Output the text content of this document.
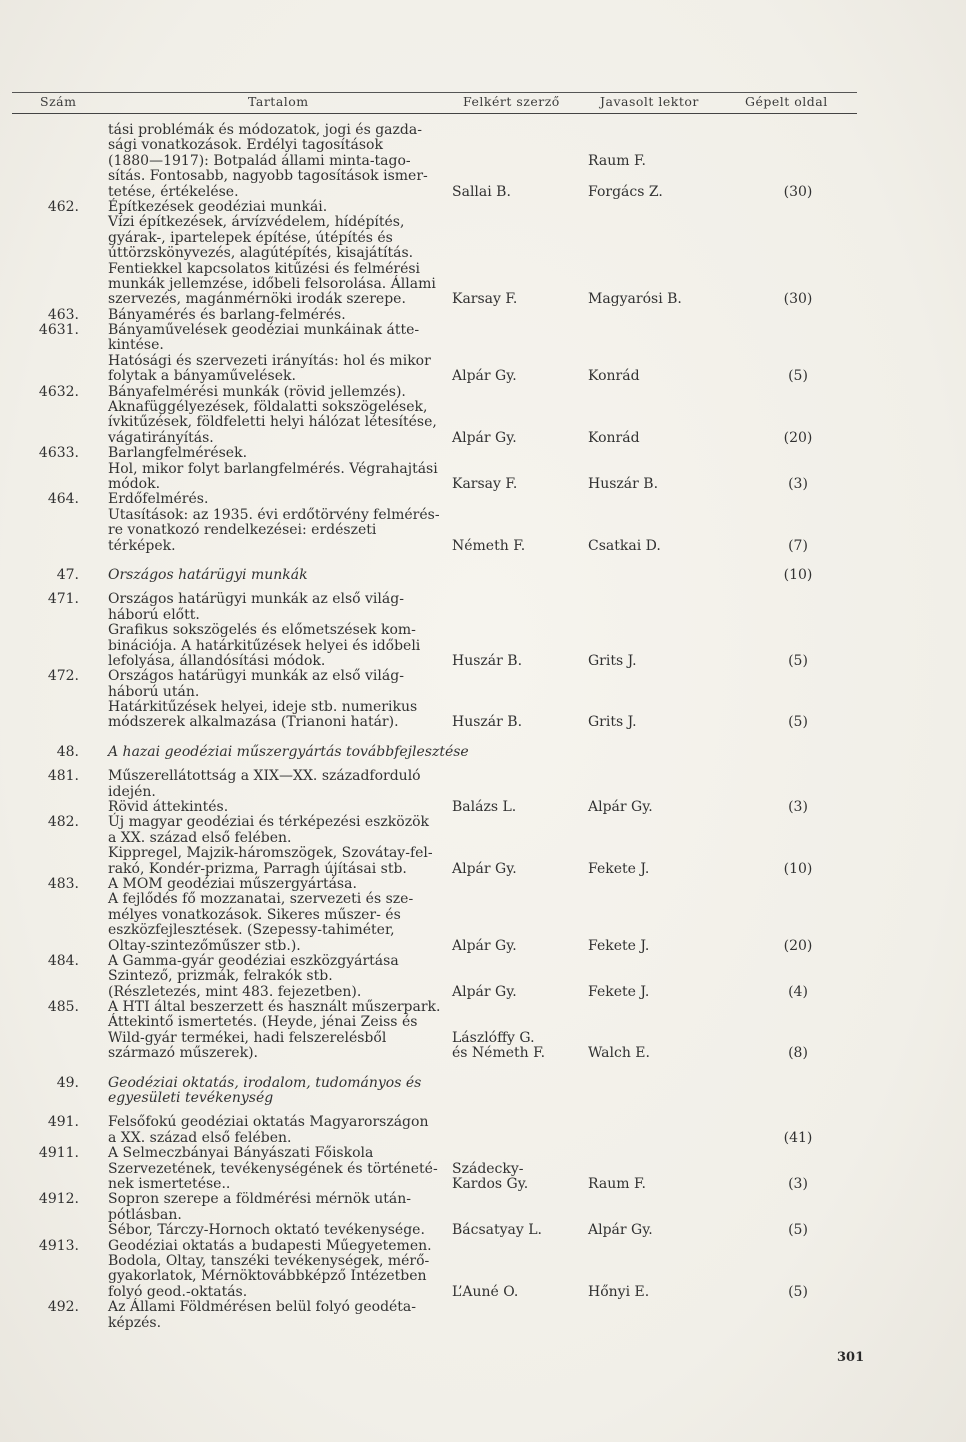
Szám	Tartalom	Felkért szerző	Javasolt lektor	Gépelt oldal
tási problémák és módozatok, jogi és gazda-
sági vonatkozások. Erdélyi tagosítások
(1880—1917): Botpalád állami minta-tago-	Raum F.
sítás. Fontosabb, nagyobb tagosítások ismer-
tetése, értékelése.	Sallai B.	Forgács Z.	(30)
462.	Építkezések geodéziai munkái.
Vízi építkezések, árvízvédelem, hídépítés,
gyárak-, ipartelepek építése, útépítés és
úttörzskönyvezés, alagútépítés, kisajátítás.
Fentiekkel kapcsolatos kitűzési és felmérési
munkák jellemzése, időbeli felsorolása. Állami
szervezés, magánmérnöki irodák szerepe.	Karsay F.	Magyarósi B.	(30)
463.	Bányamérés és barlang-felmérés.
4631.	Bányaművelések geodéziai munkáinak átte-
kintése.
Hatósági és szervezeti irányítás: hol és mikor
folytak a bányaművelések.	Alpár Gy.	Konrád	(5)
4632.	Bányafelmérési munkák (rövid jellemzés).
Aknafüggélyezések, földalatti sokszögelések,
ívkitűzések, földfeletti helyi hálózat létesítése,
vágatirányítás.	Alpár Gy.	Konrád	(20)
4633.	Barlangfelmérések.
Hol, mikor folyt barlangfelmérés. Végrahajtási
módok.	Karsay F.	Huszár B.	(3)
464.	Erdőfelmérés.
Utasítások: az 1935. évi erdőtörvény felmérés-
re vonatkozó rendelkezései: erdészeti
térképek.	Németh F.	Csatkai D.	(7)
47.	Országos határügyi munkák	(10)
471.	Országos határügyi munkák az első világ-
háború előtt.
Grafikus sokszögelés és előmetszések kom-
binációja. A határkitűzések helyei és időbeli
lefolyása, állandósítási módok.	Huszár B.	Grits J.	(5)
472.	Országos határügyi munkák az első világ-
háború után.
Határkitűzések helyei, ideje stb. numerikus
módszerek alkalmazása (Trianoni határ).	Huszár B.	Grits J.	(5)
48.	A hazai geodéziai műszergyártás továbbfejlesztése
481.	Műszerellátottság a XIX—XX. századforduló
idején.
Rövid áttekintés.	Balázs L.	Alpár Gy.	(3)
482.	Új magyar geodéziai és térképezési eszközök
a XX. század első felében.
Kippregel, Majzik-háromszögek, Szovátay-fel-
rakó, Kondér-prizma, Parragh újításai stb.	Alpár Gy.	Fekete J.	(10)
483.	A MOM geodéziai műszergyártása.
A fejlődés fő mozzanatai, szervezeti és sze-
mélyes vonatkozások. Sikeres műszer- és
eszközfejlesztések. (Szepessy-tahiméter,
Oltay-szintezőműszer stb.).	Alpár Gy.	Fekete J.	(20)
484.	A Gamma-gyár geodéziai eszközgyártása
Szintező, prizmák, felrakók stb.
(Részletezés, mint 483. fejezetben).	Alpár Gy.	Fekete J.	(4)
485.	A HTI által beszerzett és használt műszerpark.
Áttekintő ismertetés. (Heyde, jénai Zeiss és
Wild-gyár termékei, hadi felszerelésből	Lászlóffy G.
származó műszerek).	és Németh F.	Walch E.	(8)
49.	Geodéziai oktatás, irodalom, tudományos és
egyesületi tevékenység
491.	Felsőfokú geodéziai oktatás Magyarországon
a XX. század első felében.	(41)
4911.	A Selmeczbányai Bányászati Főiskola
Szervezetének, tevékenységének és történeté-	Szádecky-
nek ismertetése..	Kardos Gy.	Raum F.	(3)
4912.	Sopron szerepe a földmérési mérnök után-
pótlásban.
Sébor, Tárczy-Hornoch oktató tevékenysége.	Bácsatyay L.	Alpár Gy.	(5)
4913.	Geodéziai oktatás a budapesti Műegyetemen.
Bodola, Oltay, tanszéki tevékenységek, mérő-
gyakorlatok, Mérnöktovábbképző Intézetben
folyó geod.-oktatás.	L’Auné O.	Hőnyi E.	(5)
492.	Az Állami Földmérésen belül folyó geodéta-
képzés.
301
